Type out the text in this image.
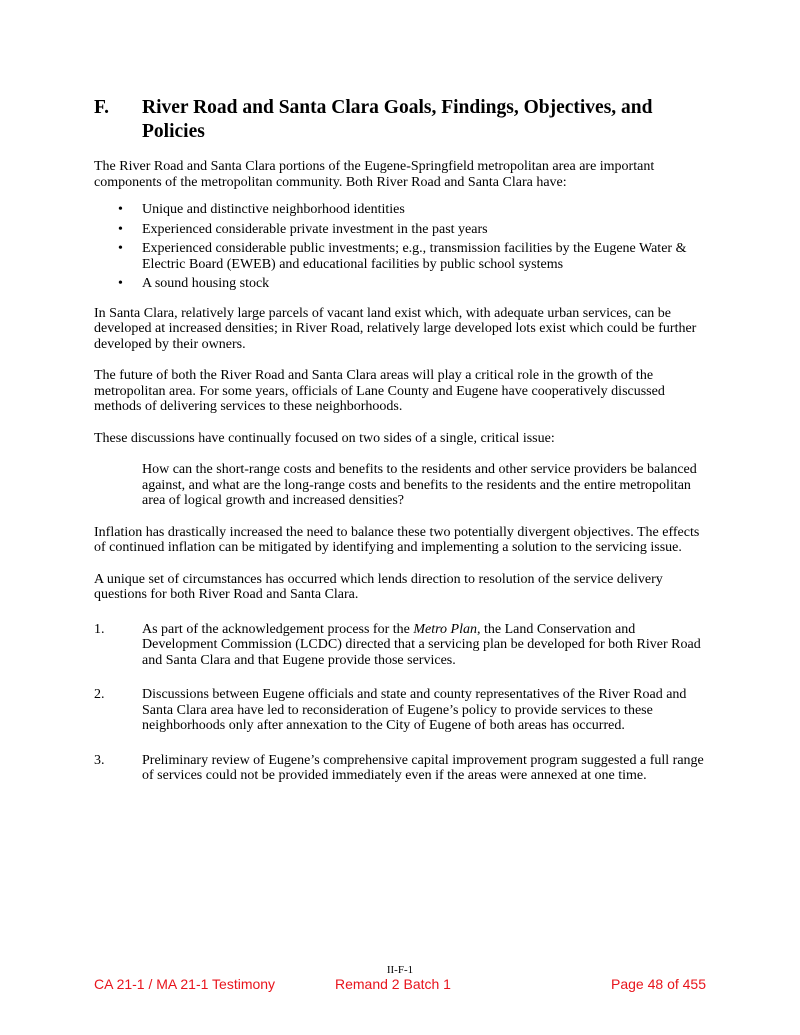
F.	River Road and Santa Clara Goals, Findings, Objectives, and Policies

The River Road and Santa Clara portions of the Eugene-Springfield metropolitan area are important components of the metropolitan community. Both River Road and Santa Clara have:

• Unique and distinctive neighborhood identities
• Experienced considerable private investment in the past years
• Experienced considerable public investments; e.g., transmission facilities by the Eugene Water & Electric Board (EWEB) and educational facilities by public school systems
• A sound housing stock

In Santa Clara, relatively large parcels of vacant land exist which, with adequate urban services, can be developed at increased densities; in River Road, relatively large developed lots exist which could be further developed by their owners.

The future of both the River Road and Santa Clara areas will play a critical role in the growth of the metropolitan area. For some years, officials of Lane County and Eugene have cooperatively discussed methods of delivering services to these neighborhoods.

These discussions have continually focused on two sides of a single, critical issue:

How can the short-range costs and benefits to the residents and other service providers be balanced against, and what are the long-range costs and benefits to the residents and the entire metropolitan area of logical growth and increased densities?

Inflation has drastically increased the need to balance these two potentially divergent objectives. The effects of continued inflation can be mitigated by identifying and implementing a solution to the servicing issue.

A unique set of circumstances has occurred which lends direction to resolution of the service delivery questions for both River Road and Santa Clara.

1.	As part of the acknowledgement process for the Metro Plan, the Land Conservation and Development Commission (LCDC) directed that a servicing plan be developed for both River Road and Santa Clara and that Eugene provide those services.
2.	Discussions between Eugene officials and state and county representatives of the River Road and Santa Clara area have led to reconsideration of Eugene’s policy to provide services to these neighborhoods only after annexation to the City of Eugene of both areas has occurred.
3.	Preliminary review of Eugene’s comprehensive capital improvement program suggested a full range of services could not be provided immediately even if the areas were annexed at one time.
II-F-1
CA 21-1 / MA 21-1 Testimony	Remand 2 Batch 1	Page 48 of 455
